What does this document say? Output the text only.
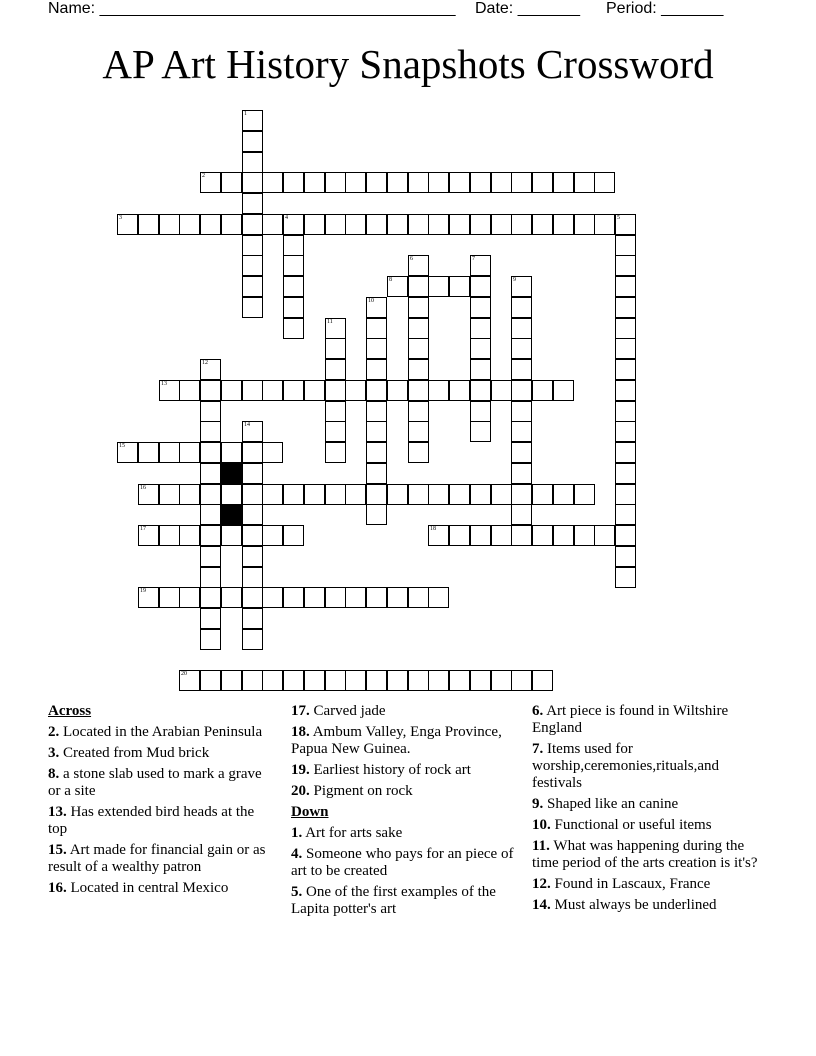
Name: ________________________________________

Date: _______

Period: _______

AP Art History Snapshots Crossword
1
2
3	4	5
6	7
8	9
10
11
12
13
14
15
16
17	18
19
20
Across
2. Located in the Arabian Peninsula
3. Created from Mud brick
8. a stone slab used to mark a grave or a site
13. Has extended bird heads at the top
15. Art made for financial gain or as result of a wealthy patron
16. Located in central Mexico
17. Carved jade
18. Ambum Valley, Enga Province, Papua New Guinea.
19. Earliest history of rock art
20. Pigment on rock
Down
1. Art for arts sake
4. Someone who pays for an piece of art to be created
5. One of the first examples of the Lapita potter's art
6. Art piece is found in Wiltshire England
7. Items used for worship,ceremonies,rituals,and festivals
9. Shaped like an canine
10. Functional or useful items
11. What was happening during the time period of the arts creation is it's?
12. Found in Lascaux, France
14. Must always be underlined
